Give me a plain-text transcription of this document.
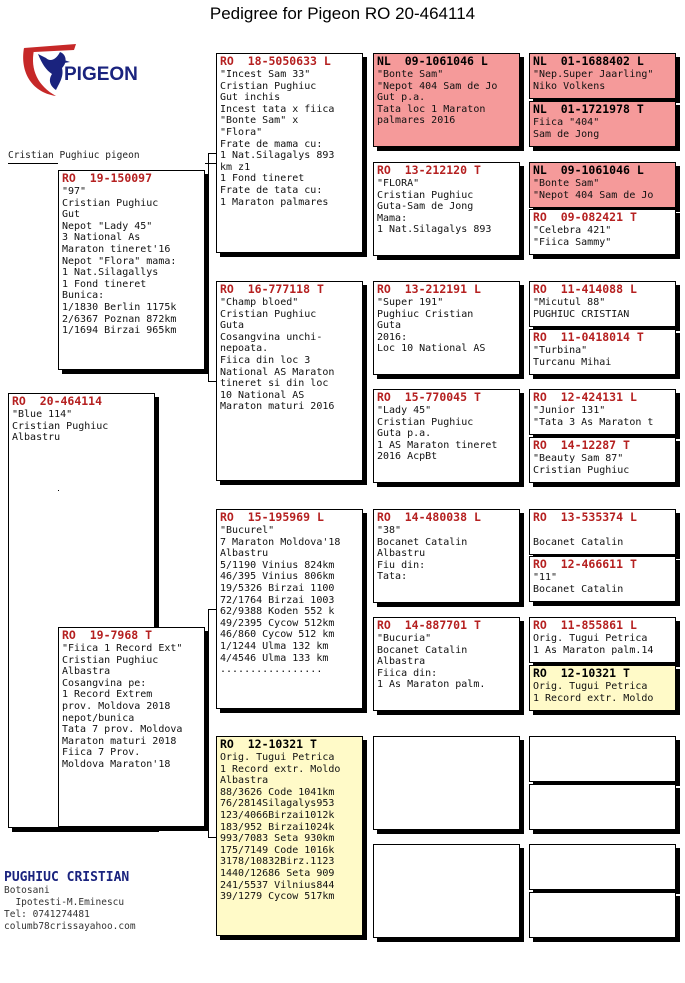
Pedigree for Pigeon RO 20-464114
PIGEON
Cristian Pughiuc pigeon
RO 20-464114
"Blue 114"
Cristian Pughiuc
Albastru
RO 19-150097
"97"
Cristian Pughiuc
Gut
Nepot "Lady 45"
3 National As
Maraton tineret'16
Nepot "Flora" mama:
1 Nat.Silagallys
1 Fond tineret
Bunica:
1/1830 Berlin 1175k
2/6367 Poznan 872km
1/1694 Birzai 965km
RO 19-7968 T
"Fiica 1 Record Ext"
Cristian Pughiuc
Albastra
Cosangvina pe:
1 Record Extrem
prov. Moldova 2018
nepot/bunica
Tata 7 prov. Moldova
Maraton maturi 2018
Fiica 7 Prov.
Moldova Maraton'18
RO 18-5050633 L
"Incest Sam 33"
Cristian Pughiuc
Gut inchis
Incest tata x fiica
"Bonte Sam" x
"Flora"
Frate de mama cu:
1 Nat.Silagalys 893
km z1
1 Fond tineret
Frate de tata cu:
1 Maraton palmares
RO 16-777118 T
"Champ bloed"
Cristian Pughiuc
Guta
Cosangvina unchi-
nepoata.
Fiica din loc 3
National AS Maraton
tineret si din loc
10 National AS
Maraton maturi 2016
RO 15-195969 L
"Bucurel"
7 Maraton Moldova'18
Albastru
5/1190 Vinius 824km
46/395 Vinius 806km
19/5326 Birzai 1100
72/1764 Birzai 1003
62/9388 Koden 552 k
49/2395 Cycow 512km
46/860 Cycow 512 km
1/1244 Ulma 132 km
4/4546 Ulma 133 km
.................
RO 12-10321 T
Orig. Tugui Petrica
1 Record extr. Moldo
Albastra
88/3626 Code 1041km
76/2814Silagalys953
123/4066Birzai1012k
183/952 Birzai1024k
993/7083 Seta 930km
175/7149 Code 1016k
3178/10832Birz.1123
1440/12686 Seta 909
241/5537 Vilnius844
39/1279 Cycow 517km
NL 09-1061046 L
"Bonte Sam"
"Nepot 404 Sam de Jo
Gut p.a.
Tata loc 1 Maraton
palmares 2016
RO 13-212120 T
"FLORA"
Cristian Pughiuc
Guta-Sam de Jong
Mama:
1 Nat.Silagalys 893
RO 13-212191 L
"Super 191"
Pughiuc Cristian
Guta
2016:
Loc 10 National AS
RO 15-770045 T
"Lady 45"
Cristian Pughiuc
Guta p.a.
1 AS Maraton tineret
2016 AcpBt
RO 14-480038 L
"38"
Bocanet Catalin
Albastru
Fiu din:
Tata:
RO 14-887701 T
"Bucuria"
Bocanet Catalin
Albastra
Fiica din:
1 As Maraton palm.
NL 01-1688402 L
"Nep.Super Jaarling"
Niko Volkens
NL 01-1721978 T
Fiica "404"
Sam de Jong
NL 09-1061046 L
"Bonte Sam"
"Nepot 404 Sam de Jo
RO 09-082421 T
"Celebra 421"
"Fiica Sammy"
RO 11-414088 L
"Micutul 88"
PUGHIUC CRISTIAN
RO 11-0418014 T
"Turbina"
Turcanu Mihai
RO 12-424131 L
"Junior 131"
"Tata 3 As Maraton t
RO 14-12287 T
"Beauty Sam 87"
Cristian Pughiuc
RO 13-535374 L

Bocanet Catalin
RO 12-466611 T
"11"
Bocanet Catalin
RO 11-855861 L
Orig. Tugui Petrica
1 As Maraton palm.14
RO 12-10321 T
Orig. Tugui Petrica
1 Record extr. Moldo
PUGHIUC CRISTIAN
Botosani
Ipotesti-M.Eminescu
Tel: 0741274481
columb78crissayahoo.com
